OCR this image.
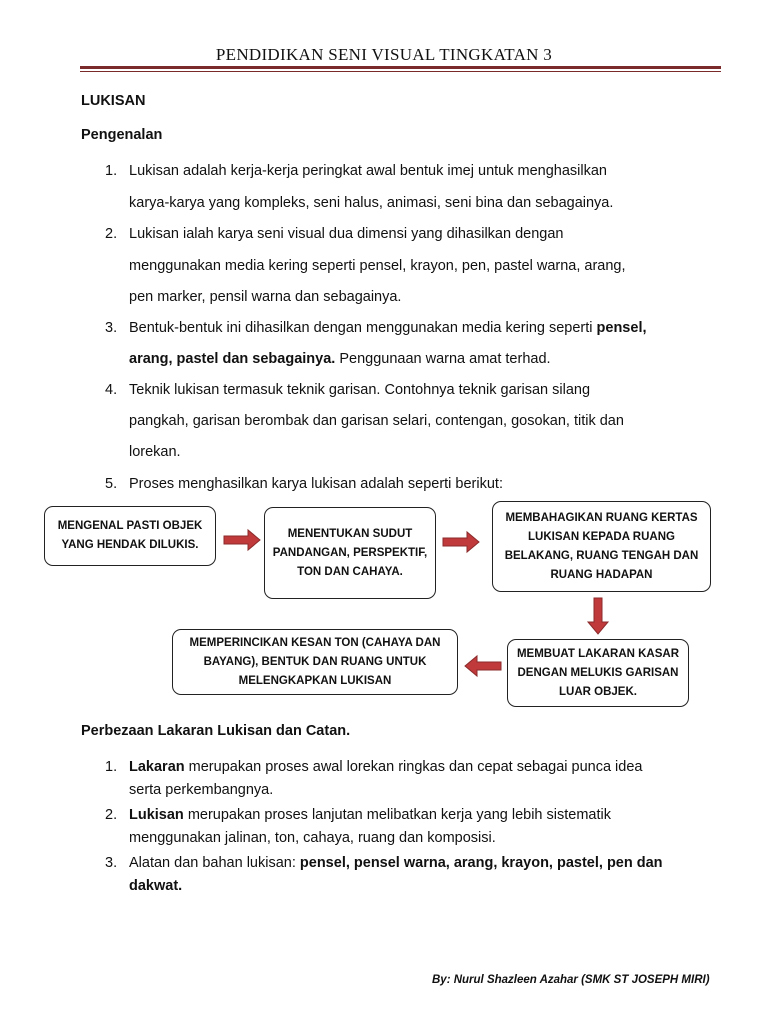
PENDIDIKAN SENI VISUAL TINGKATAN 3
LUKISAN
Pengenalan
1. Lukisan adalah kerja-kerja peringkat awal bentuk imej untuk menghasilkan
karya-karya yang kompleks, seni halus, animasi, seni bina dan sebagainya.
2. Lukisan ialah karya seni visual dua dimensi yang dihasilkan dengan
menggunakan media kering seperti pensel, krayon, pen, pastel warna, arang,
pen marker, pensil warna dan sebagainya.
3. Bentuk-bentuk ini dihasilkan dengan menggunakan media kering seperti pensel,
arang, pastel dan sebagainya. Penggunaan warna amat terhad.
4. Teknik lukisan termasuk teknik garisan. Contohnya teknik garisan silang
pangkah, garisan berombak dan garisan selari, contengan, gosokan, titik dan
lorekan.
5. Proses menghasilkan karya lukisan adalah seperti berikut:
MENGENAL PASTI OBJEK YANG HENDAK DILUKIS.
MENENTUKAN SUDUT PANDANGAN, PERSPEKTIF, TON DAN CAHAYA.
MEMBAHAGIKAN RUANG KERTAS LUKISAN KEPADA RUANG BELAKANG, RUANG TENGAH DAN RUANG HADAPAN
MEMBUAT LAKARAN KASAR DENGAN MELUKIS GARISAN LUAR OBJEK.
MEMPERINCIKAN KESAN TON (CAHAYA DAN BAYANG), BENTUK DAN RUANG UNTUK MELENGKAPKAN LUKISAN
Perbezaan Lakaran Lukisan dan Catan.
1. Lakaran merupakan proses awal lorekan ringkas dan cepat sebagai punca idea
serta perkembangnya.
2. Lukisan merupakan proses lanjutan melibatkan kerja yang lebih sistematik
menggunakan jalinan, ton, cahaya, ruang dan komposisi.
3. Alatan dan bahan lukisan: pensel, pensel warna, arang, krayon, pastel, pen dan
dakwat.
By: Nurul Shazleen Azahar (SMK ST JOSEPH MIRI)
